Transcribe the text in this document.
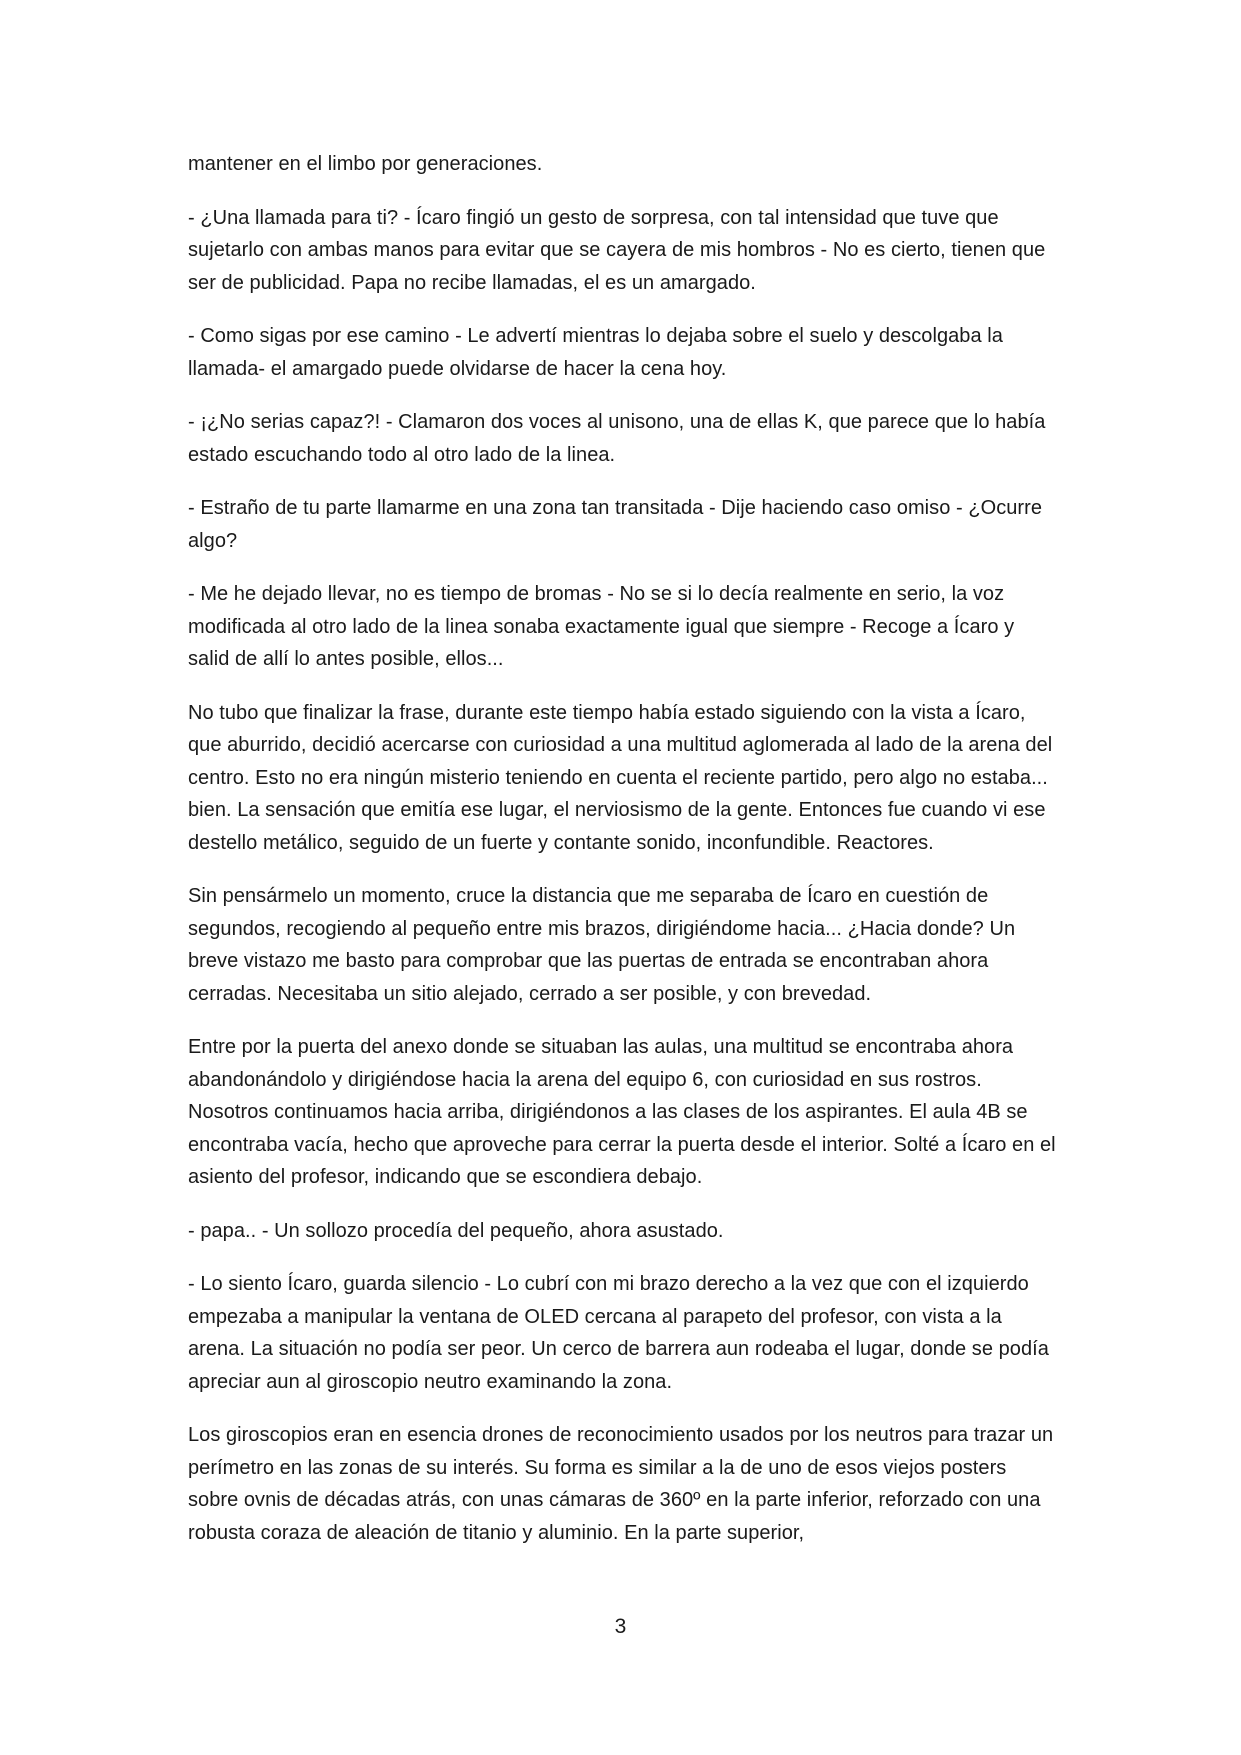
mantener en el limbo por generaciones.

- ¿Una llamada para ti? - Ícaro fingió un gesto de sorpresa, con tal intensidad que tuve que sujetarlo con ambas manos para evitar que se cayera de mis hombros - No es cierto, tienen que ser de publicidad. Papa no recibe llamadas, el es un amargado.

- Como sigas por ese camino - Le advertí mientras lo dejaba sobre el suelo y descolgaba la llamada- el amargado puede olvidarse de hacer la cena hoy.

- ¡¿No serias capaz?! - Clamaron dos voces al unisono, una de ellas K, que parece que lo había estado escuchando todo al otro lado de la linea.

- Estraño de tu parte llamarme en una zona tan transitada - Dije haciendo caso omiso - ¿Ocurre algo?

- Me he dejado llevar, no es tiempo de bromas - No se si lo decía realmente en serio, la voz modificada al otro lado de la linea sonaba exactamente igual que siempre - Recoge a Ícaro y salid de allí lo antes posible, ellos...

No tubo que finalizar la frase, durante este tiempo había estado siguiendo con la vista a Ícaro, que aburrido, decidió acercarse con curiosidad a una multitud aglomerada al lado de la arena del centro. Esto no era ningún misterio teniendo en cuenta el reciente partido, pero algo no estaba... bien. La sensación que emitía ese lugar, el nerviosismo de la gente. Entonces fue cuando vi ese destello metálico, seguido de un fuerte y contante sonido, inconfundible. Reactores.

Sin pensármelo un momento, cruce la distancia que me separaba de Ícaro en cuestión de segundos, recogiendo al pequeño entre mis brazos, dirigiéndome hacia... ¿Hacia donde? Un breve vistazo me basto para comprobar que las puertas de entrada se encontraban ahora cerradas. Necesitaba un sitio alejado, cerrado a ser posible, y con brevedad.

Entre por la puerta del anexo donde se situaban las aulas, una multitud se encontraba ahora abandonándolo y dirigiéndose hacia la arena del equipo 6, con curiosidad en sus rostros. Nosotros continuamos hacia arriba, dirigiéndonos a las clases de los aspirantes. El aula 4B se encontraba vacía, hecho que aproveche para cerrar la puerta desde el interior. Solté a Ícaro en el asiento del profesor, indicando que se escondiera debajo.

- papa.. - Un sollozo procedía del pequeño, ahora asustado.

- Lo siento Ícaro, guarda silencio - Lo cubrí con mi brazo derecho a la vez que con el izquierdo empezaba a manipular la ventana de OLED cercana al parapeto del profesor, con vista a la arena. La situación no podía ser peor. Un cerco de barrera aun rodeaba el lugar, donde se podía apreciar aun al giroscopio neutro examinando la zona.

Los giroscopios eran en esencia drones de reconocimiento usados por los neutros para trazar un perímetro en las zonas de su interés. Su forma es similar a la de uno de esos viejos posters sobre ovnis de décadas atrás, con unas cámaras de 360º en la parte inferior, reforzado con una robusta coraza de aleación de titanio y aluminio. En la parte superior,

3
